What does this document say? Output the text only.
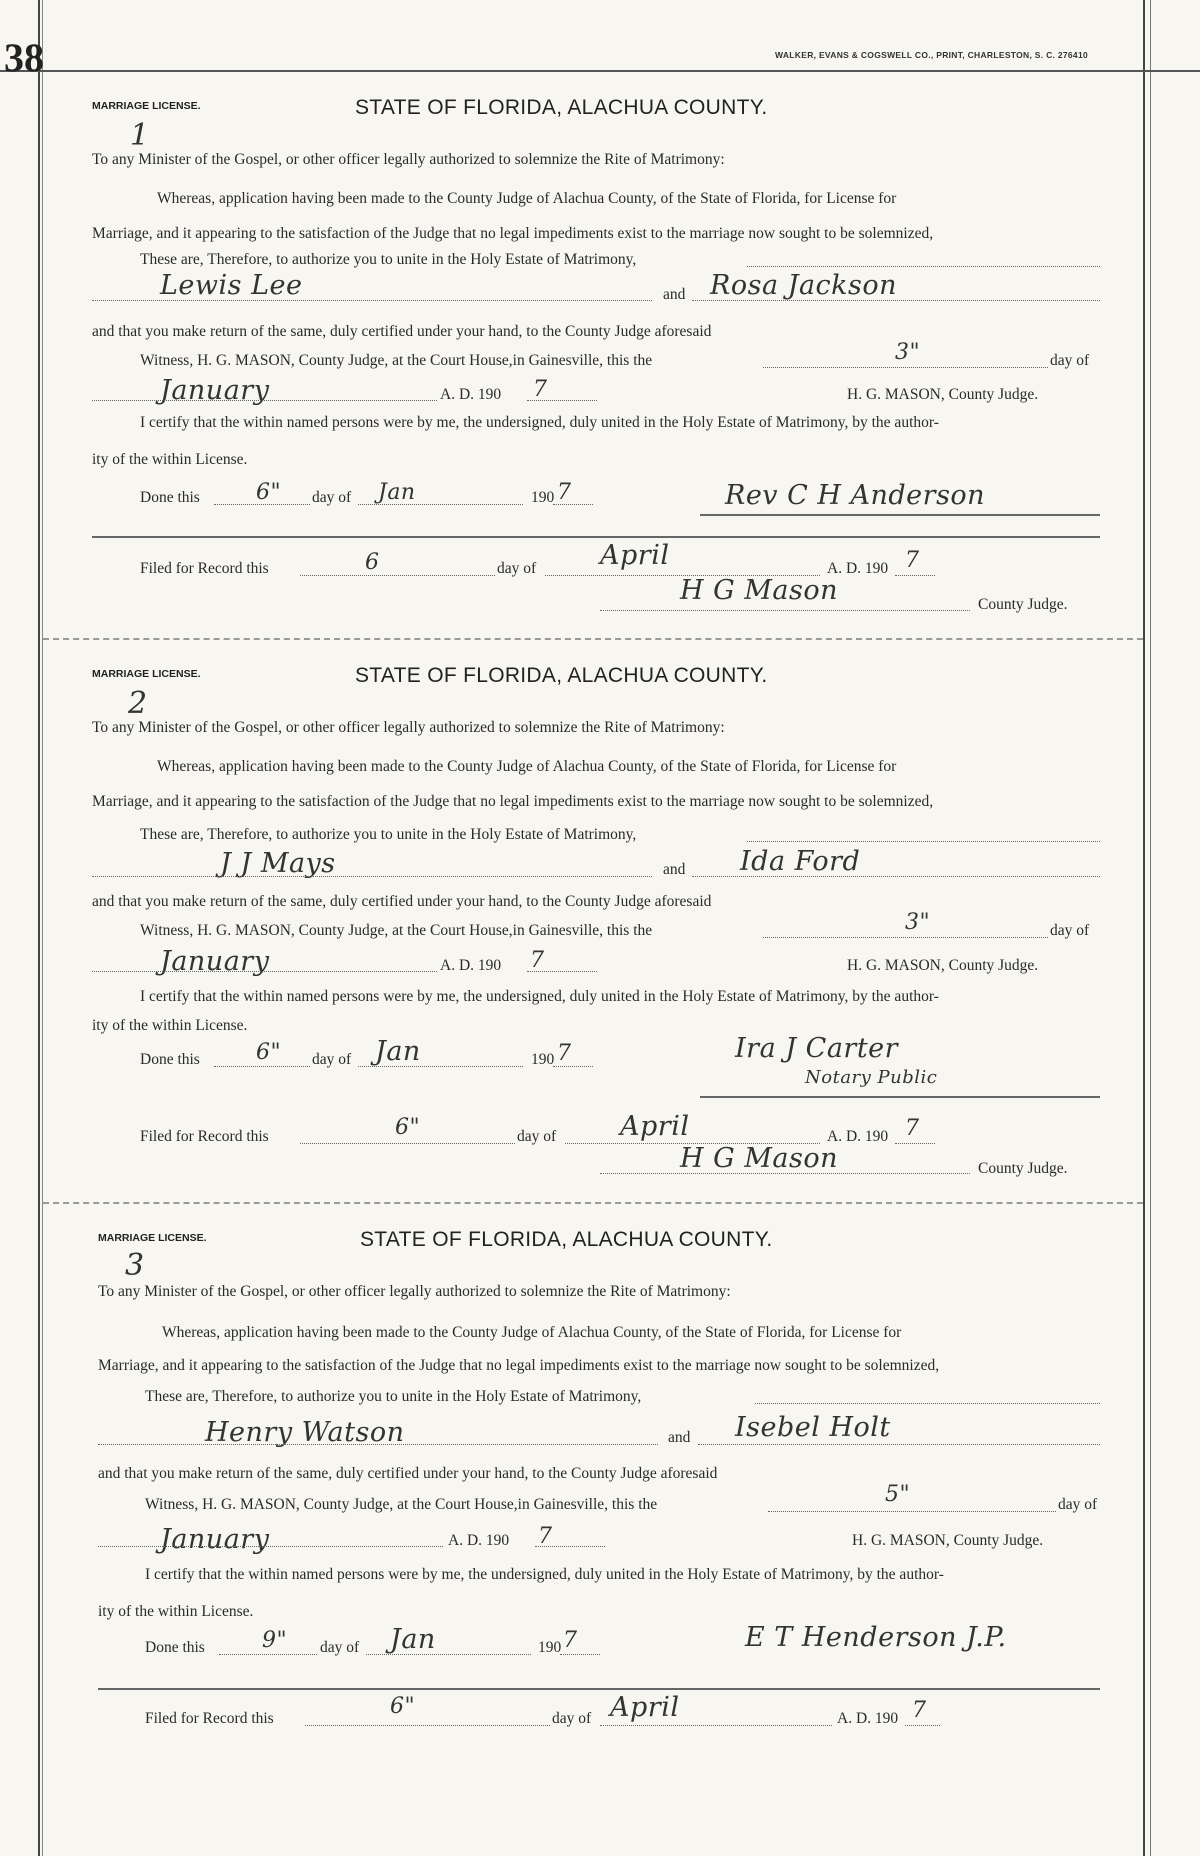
38	WALKER, EVANS & COGSWELL CO., PRINT, CHARLESTON, S. C. 276410
MARRIAGE LICENSE.	STATE OF FLORIDA, ALACHUA COUNTY.
1
To any Minister of the Gospel, or other officer legally authorized to solemnize the Rite of Matrimony:
Whereas, application having been made to the County Judge of Alachua County, of the State of Florida, for License for
Marriage, and it appearing to the satisfaction of the Judge that no legal impediments exist to the marriage now sought to be solemnized,
These are, Therefore, to authorize you to unite in the Holy Estate of Matrimony,
Lewis Lee	and Rosa Jackson
and that you make return of the same, duly certified under your hand, to the County Judge aforesaid
Witness, H. G. MASON, County Judge, at the Court House,in Gainesville, this the	3"	day of
January	A. D. 190 7	H. G. MASON, County Judge.
I certify that the within named persons were by me, the undersigned, duly united in the Holy Estate of Matrimony, by the author-
ity of the within License.
Done this	6" day of Jan	190 7	Rev C H Anderson
Filed for Record this	6	day of April	A. D. 190 7
H G Mason	County Judge.
MARRIAGE LICENSE.	STATE OF FLORIDA, ALACHUA COUNTY.
2
To any Minister of the Gospel, or other officer legally authorized to solemnize the Rite of Matrimony:
Whereas, application having been made to the County Judge of Alachua County, of the State of Florida, for License for
Marriage, and it appearing to the satisfaction of the Judge that no legal impediments exist to the marriage now sought to be solemnized,
These are, Therefore, to authorize you to unite in the Holy Estate of Matrimony,
J J Mays	and Ida Ford
and that you make return of the same, duly certified under your hand, to the County Judge aforesaid
Witness, H. G. MASON, County Judge, at the Court House,in Gainesville, this the	3"	day of
January	A. D. 190 7	H. G. MASON, County Judge.
I certify that the within named persons were by me, the undersigned, duly united in the Holy Estate of Matrimony, by the author-
ity of the within License.
Done this	6" day of Jan	190 7	Ira J Carter
Notary Public
Filed for Record this	6"	day of April	A. D. 190 7
H G Mason	County Judge.
MARRIAGE LICENSE.	STATE OF FLORIDA, ALACHUA COUNTY.
3
To any Minister of the Gospel, or other officer legally authorized to solemnize the Rite of Matrimony:
Whereas, application having been made to the County Judge of Alachua County, of the State of Florida, for License for
Marriage, and it appearing to the satisfaction of the Judge that no legal impediments exist to the marriage now sought to be solemnized,
These are, Therefore, to authorize you to unite in the Holy Estate of Matrimony,
Henry Watson	and Isebel Holt
and that you make return of the same, duly certified under your hand, to the County Judge aforesaid
Witness, H. G. MASON, County Judge, at the Court House,in Gainesville, this the	5"	day of
January	A. D. 190 7	H. G. MASON, County Judge.
I certify that the within named persons were by me, the undersigned, duly united in the Holy Estate of Matrimony, by the author-
ity of the within License.
Done this	9" day of Jan	190 7	E T Henderson J.P.
Filed for Record this	6"	day of April	A. D. 190 7
